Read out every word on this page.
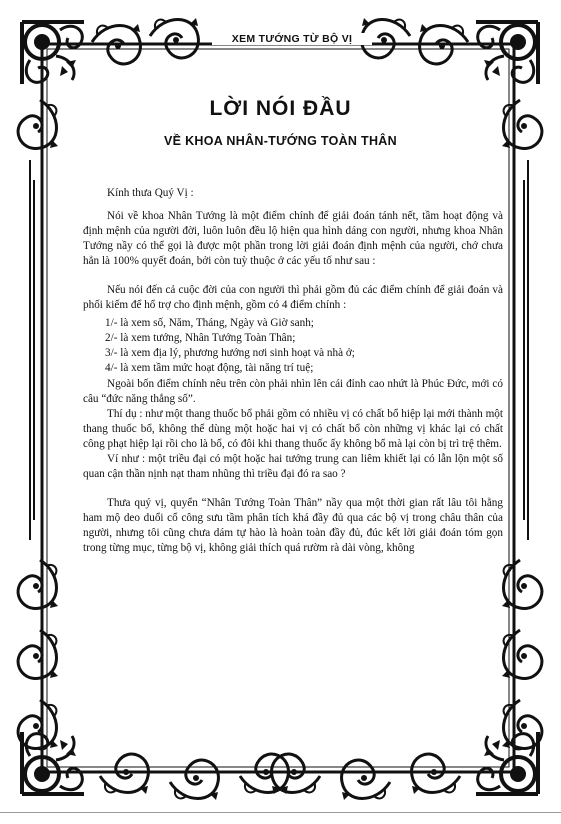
XEM TƯỚNG TỪ BỘ VỊ
LỜI NÓI ĐẦU
VỀ KHOA NHÂN-TƯỚNG TOÀN THÂN

Kính thưa Quý Vị :

Nói về khoa Nhân Tướng là một điểm chính để giải đoán tánh nết, tầm hoạt động và định mệnh của người đời, luôn luôn đều lộ hiện qua hình dáng con người, nhưng khoa Nhân Tướng nầy có thể gọi là được một phần trong lời giải đoán định mệnh của người, chớ chưa hẳn là 100% quyết đoán, bởi còn tuỳ thuộc ở các yếu tố như sau :

Nếu nói đến cả cuộc đời của con người thì phải gồm đủ các điểm chính để giải đoán và phối kiếm để hổ trợ cho định mệnh, gồm có 4 điểm chính :

1/- là xem số, Năm, Tháng, Ngày và Giờ sanh;

2/- là xem tướng, Nhân Tướng Toàn Thân;

3/- là xem địa lý, phương hướng nơi sinh hoạt và nhà ở;

4/- là xem tầm mức hoạt động, tài năng trí tuệ;

Ngoài bốn điểm chính nêu trên còn phải nhìn lên cái đỉnh cao nhứt là Phúc Đức, mới có câu “đức năng thắng số”.

Thí dụ : như một thang thuốc bổ phải gồm có nhiều vị có chất bổ hiệp lại mới thành một thang thuốc bổ, không thể dùng một hoặc hai vị có chất bổ còn những vị khác lại có chất công phạt hiệp lại rồi cho là bổ, có đôi khi thang thuốc ấy không bổ mà lại còn bị trì trệ thêm.

Ví như : một triều đại có một hoặc hai tướng trung can liêm khiết lại có lẫn lộn một số quan cận thần nịnh nạt tham nhũng thì triều đại đó ra sao ?

Thưa quý vị, quyển “Nhân Tướng Toàn Thân” nầy qua một thời gian rất lâu tôi hằng ham mộ deo duổi cổ công sưu tầm phân tích khá đầy đủ qua các bộ vị trong châu thân của người, nhưng tôi cũng chưa dám tự hào là hoàn toàn đầy đủ, đúc kết lời giải đoán tóm gọn trong từng mục, từng bộ vị, không giải thích quá rườm rà dài vòng, không
